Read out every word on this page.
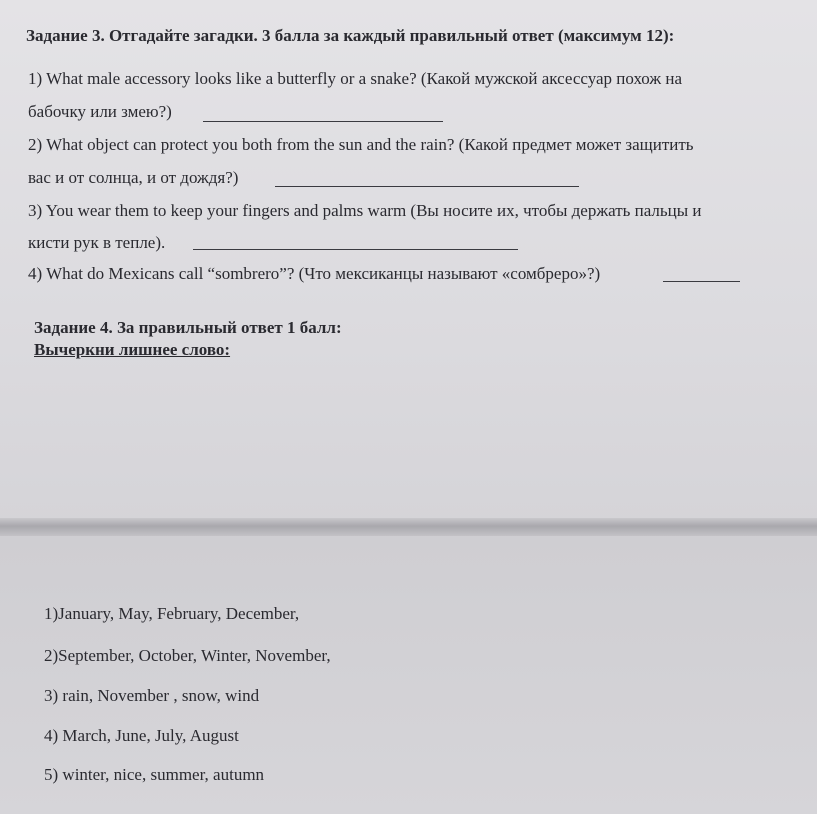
Задание 3. Отгадайте загадки. 3 балла за каждый правильный ответ (максимум 12):
1) What male accessory looks like a butterfly or a snake? (Какой мужской аксессуар похож на
бабочку или змею?)
2) What object can protect you both from the sun and the rain? (Какой предмет может защитить
вас и от солнца, и от дождя?)
3) You wear them to keep your fingers and palms warm (Вы носите их, чтобы держать пальцы и
кисти рук в тепле).
4) What do Mexicans call “sombrero”? (Что мексиканцы называют «сомбреро»?)
Задание 4. За правильный ответ 1 балл:
Вычеркни лишнее слово:
1)January, May, February, December,
2)September, October, Winter, November,
3) rain, November , snow, wind
4) March, June, July, August
5) winter, nice, summer, autumn
